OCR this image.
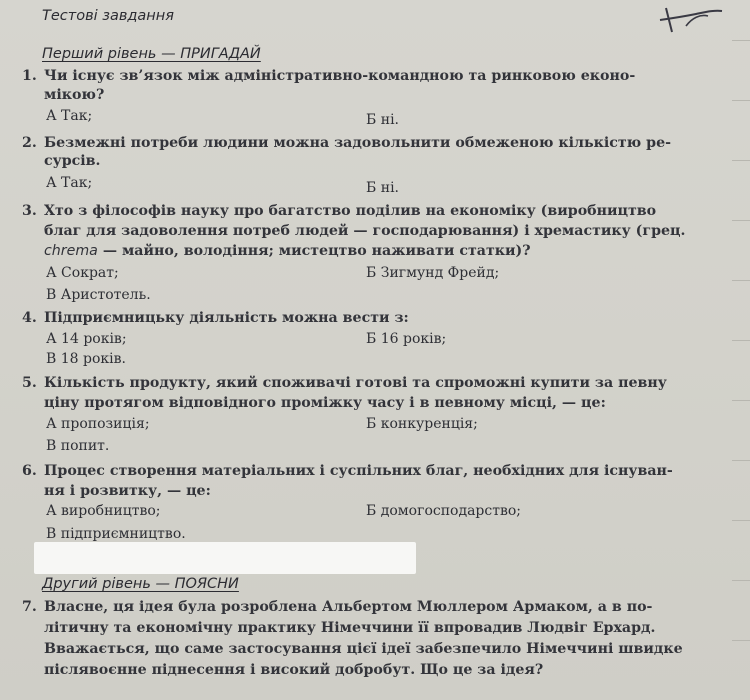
Тестові завдання
Перший рівень — ПРИГАДАЙ
1. Чи існує зв’язок між адміністративно-командною та ринковою еконо-
мікою?
А Так;	Б ні.
2. Безмежні потреби людини можна задовольнити обмеженою кількістю ре-
сурсів.
А Так;	Б ні.
3. Хто з філософів науку про багатство поділив на економіку (виробництво
благ для задоволення потреб людей — господарювання) і хремастику (грец.
chrema — майно, володіння; мистецтво наживати статки)?
А Сократ;	Б Зигмунд Фрейд;
В Аристотель.
4. Підприємницьку діяльність можна вести з:
А 14 років;	Б 16 років;
В 18 років.
5. Кількість продукту, який споживачі готові та спроможні купити за певну
ціну протягом відповідного проміжку часу і в певному місці, — це:
А пропозиція;	Б конкуренція;
В попит.
6. Процес створення матеріальних і суспільних благ, необхідних для існуван-
ня і розвитку, — це:
А виробництво;	Б домогосподарство;
В підприємництво.
Другий рівень — ПОЯСНИ
7. Власне, ця ідея була розроблена Альбертом Мюллером Армаком, а в по-
літичну та економічну практику Німеччини її впровадив Людвіг Ерхард.
Вважається, що саме застосування цієї ідеї забезпечило Німеччині швидке
післявоєнне піднесення і високий добробут. Що це за ідея?
